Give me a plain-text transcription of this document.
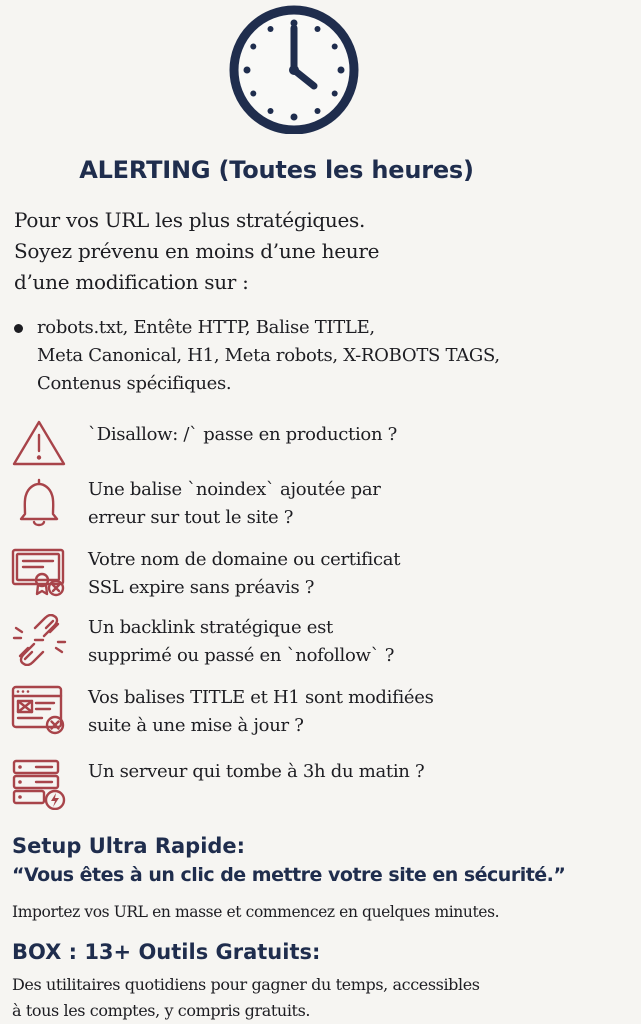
ALERTING (Toutes les heures)
Pour vos URL les plus stratégiques.
Soyez prévenu en moins d’une heure
d’une modification sur :
robots.txt, Entête HTTP, Balise TITLE,
Meta Canonical, H1, Meta robots, X-ROBOTS TAGS,
Contenus spécifiques.
`Disallow: /` passe en production ?
Une balise `noindex` ajoutée par
erreur sur tout le site ?
Votre nom de domaine ou certificat
SSL expire sans préavis ?
Un backlink stratégique est
supprimé ou passé en `nofollow` ?
Vos balises TITLE et H1 sont modifiées
suite à une mise à jour ?
Un serveur qui tombe à 3h du matin ?
Setup Ultra Rapide:
“Vous êtes à un clic de mettre votre site en sécurité.”
Importez vos URL en masse et commencez en quelques minutes.
BOX : 13+ Outils Gratuits:
Des utilitaires quotidiens pour gagner du temps, accessibles
à tous les comptes, y compris gratuits.
